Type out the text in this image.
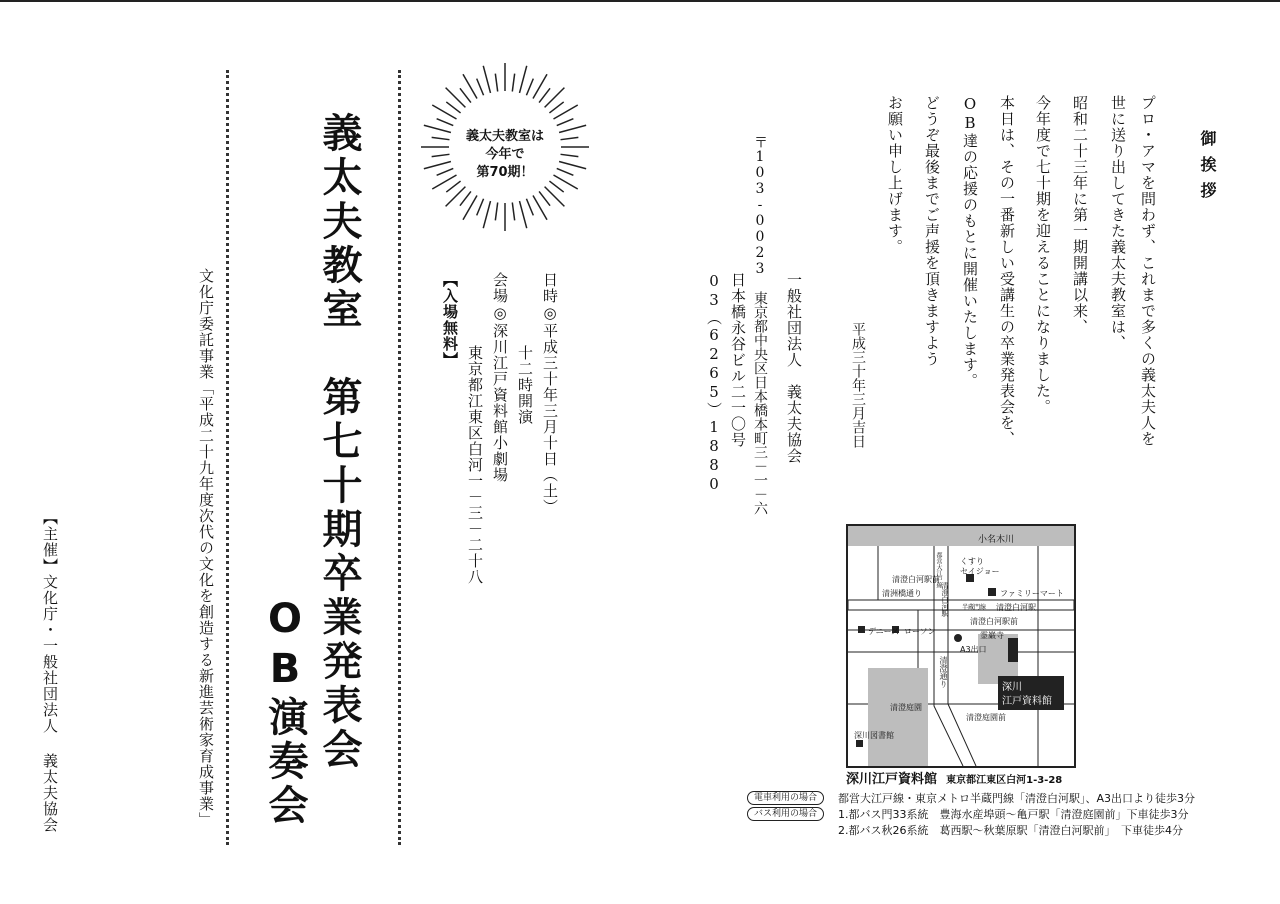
御挨拶
プロ・アマを問わず、これまで多くの義太夫人を
世に送り出してきた義太夫教室は、
昭和二十三年に第一期開講以来、
今年度で七十期を迎えることになりました。
本日は、その一番新しい受講生の卒業発表会を、
OB達の応援のもとに開催いたします。
どうぞ最後までご声援を頂きますよう
お願い申し上げます。
平成三十年三月吉日
一般社団法人　義太夫協会
〒103-0023　東京都中央区日本橋本町三－一－六
日本橋永谷ビル二一〇号
03（6265）1880
義太夫教室は
今年で
第70期！
日時◎平成三十年三月十日（土）
十二時開演
会場◎深川江戸資料館小劇場
東京都江東区白河一－三－二十八
【入場無料】
義太夫教室　第七十期卒業発表会
OB演奏会
文化庁委託事業「平成二十九年度次代の文化を創造する新進芸術家育成事業」
【主催】文化庁・一般社団法人 義太夫協会	小名木川
清澄白河駅前
清洲橋通り
くすり
セイジョー
ファミリーマート
半蔵門線 清澄白河駅
清澄白河駅前
都営大江戸線
清澄白河駅
デニーズ ローソン	霊巌寺
A3出口
清澄通り
清澄庭園
清澄庭園前
深川図書館
深川
江戸資料館
深川江戸資料館 東京都江東区白河1-3-28
電車利用の場合	都営大江戸線・東京メトロ半蔵門線「清澄白河駅」、A3出口より徒歩3分
バス利用の場合	1.都バス門33系統　豊海水産埠頭～亀戸駅「清澄庭園前」下車徒歩3分
2.都バス秋26系統　葛西駅～秋葉原駅「清澄白河駅前」　下車徒歩4分
